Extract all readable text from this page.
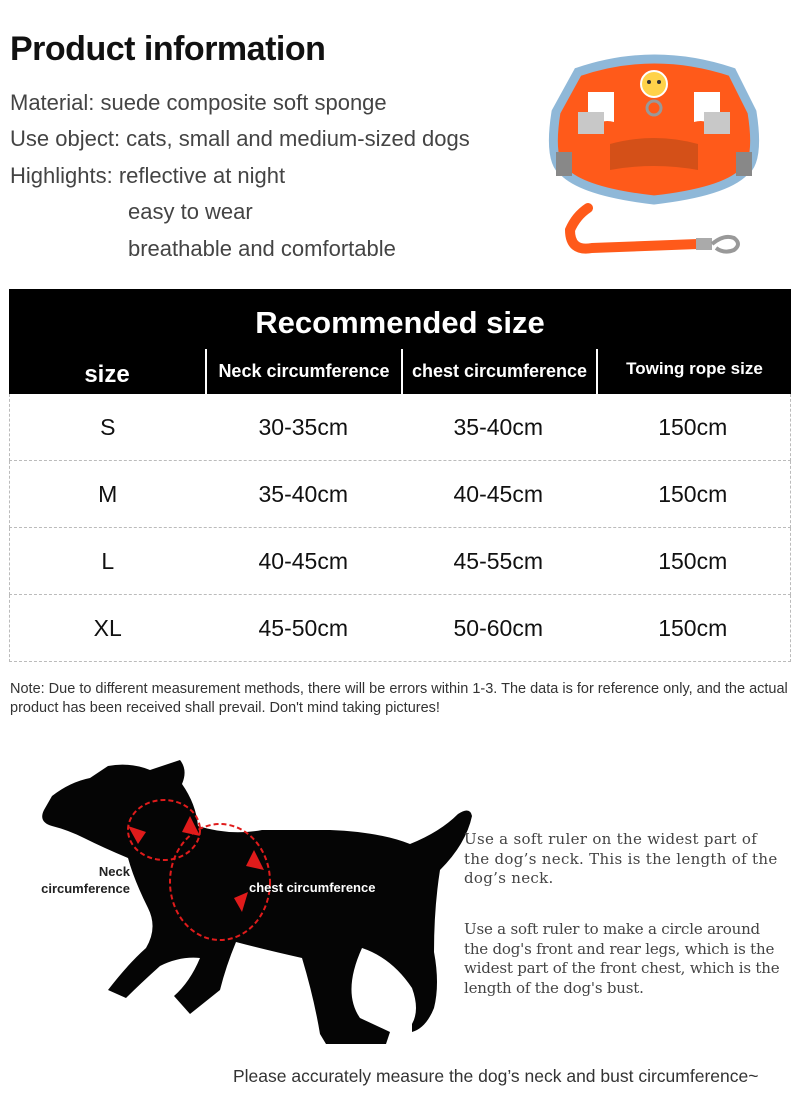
Product information
Material: suede composite soft sponge
Use object: cats, small and medium-sized dogs
Highlights: reflective at night
easy to wear
breathable and comfortable
Recommended size
size	Neck circumference	chest circumference	Towing rope size
S	30-35cm	35-40cm	150cm
M	35-40cm	40-45cm	150cm
L	40-45cm	45-55cm	150cm
XL	45-50cm	50-60cm	150cm
Note: Due to different measurement methods, there will be errors within 1-3. The data is for reference only, and the actual product has been received shall prevail. Don't mind taking pictures!
Neck
circumference	chest circumference
Use a soft ruler on the widest part of the dog’s neck. This is the length of the dog’s neck.
Use a soft ruler to make a circle around the dog's front and rear legs, which is the widest part of the front chest, which is the length of the dog's bust.
Please accurately measure the dog’s neck and bust circumference~
